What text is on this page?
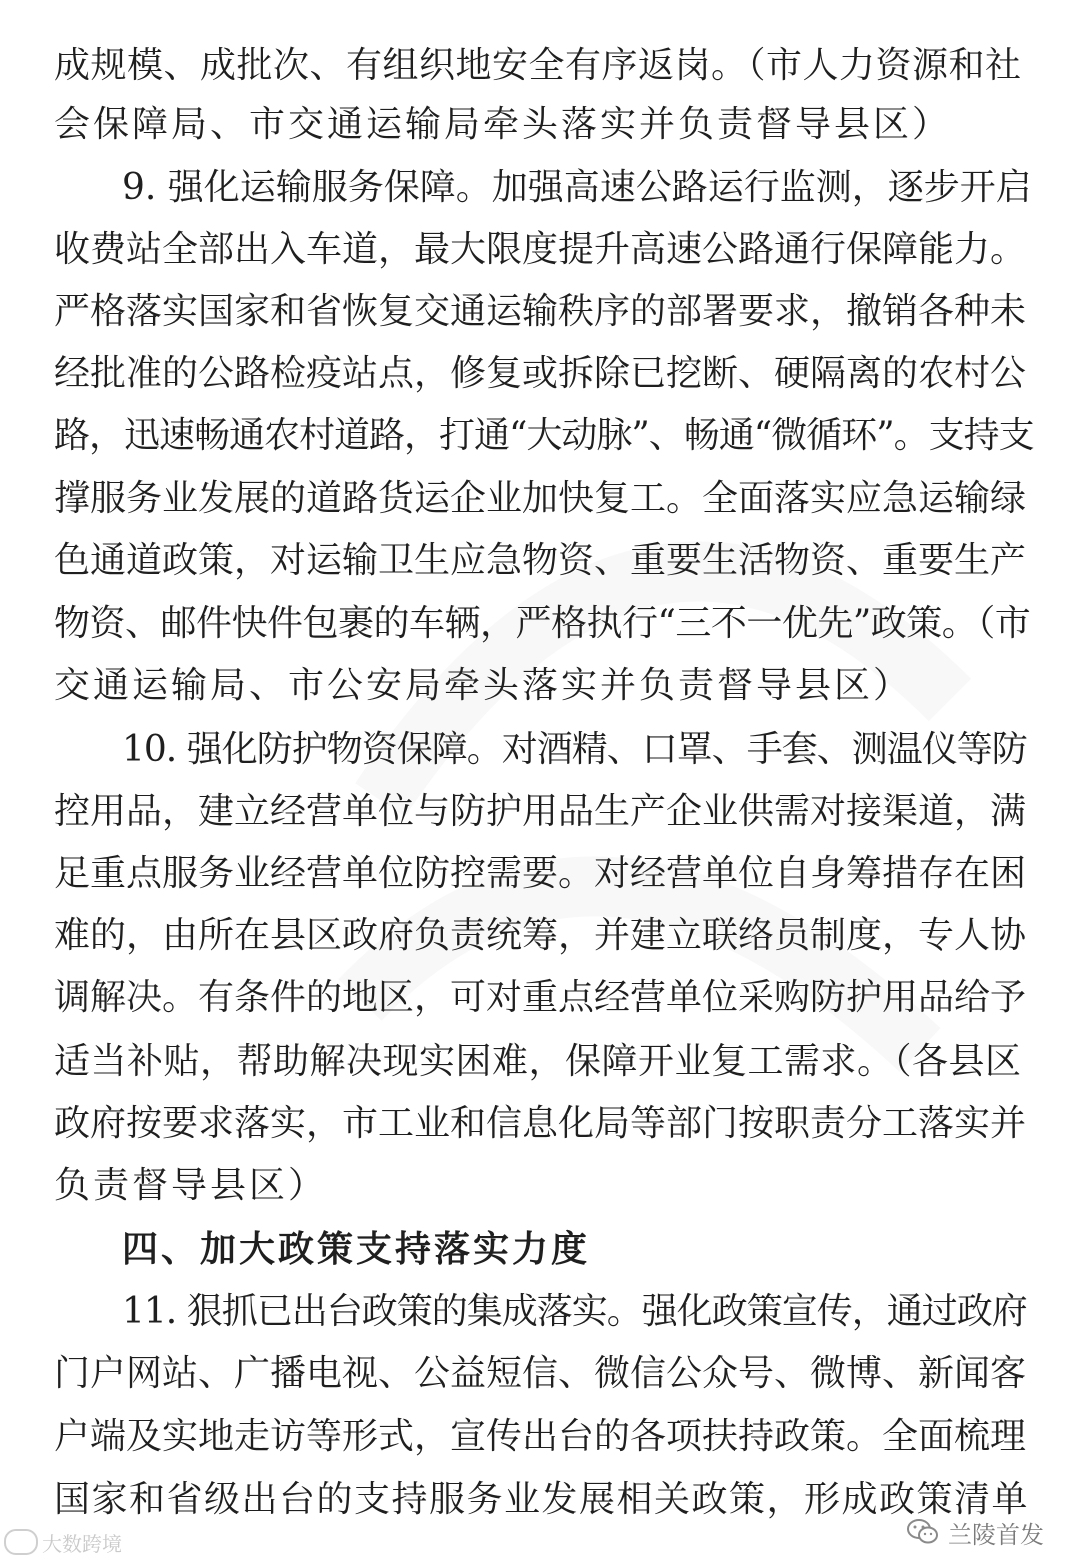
成规模、成批次、有组织地安全有序返岗。（市人力资源和社
会保障局、市交通运输局牵头落实并负责督导县区）
9. 强化运输服务保障。加强高速公路运行监测，逐步开启
收费站全部出入车道，最大限度提升高速公路通行保障能力。
严格落实国家和省恢复交通运输秩序的部署要求，撤销各种未
经批准的公路检疫站点，修复或拆除已挖断、硬隔离的农村公
路，迅速畅通农村道路，打通“大动脉”、畅通“微循环”。支持支
撑服务业发展的道路货运企业加快复工。全面落实应急运输绿
色通道政策，对运输卫生应急物资、重要生活物资、重要生产
物资、邮件快件包裹的车辆，严格执行“三不一优先”政策。（市
交通运输局、市公安局牵头落实并负责督导县区）
10. 强化防护物资保障。对酒精、口罩、手套、测温仪等防
控用品，建立经营单位与防护用品生产企业供需对接渠道，满
足重点服务业经营单位防控需要。对经营单位自身筹措存在困
难的，由所在县区政府负责统筹，并建立联络员制度，专人协
调解决。有条件的地区，可对重点经营单位采购防护用品给予
适当补贴，帮助解决现实困难，保障开业复工需求。（各县区
政府按要求落实，市工业和信息化局等部门按职责分工落实并
负责督导县区）
四、加大政策支持落实力度
11. 狠抓已出台政策的集成落实。强化政策宣传，通过政府
门户网站、广播电视、公益短信、微信公众号、微博、新闻客
户端及实地走访等形式，宣传出台的各项扶持政策。全面梳理
国家和省级出台的支持服务业发展相关政策，形成政策清单
大数跨境	兰陵首发
